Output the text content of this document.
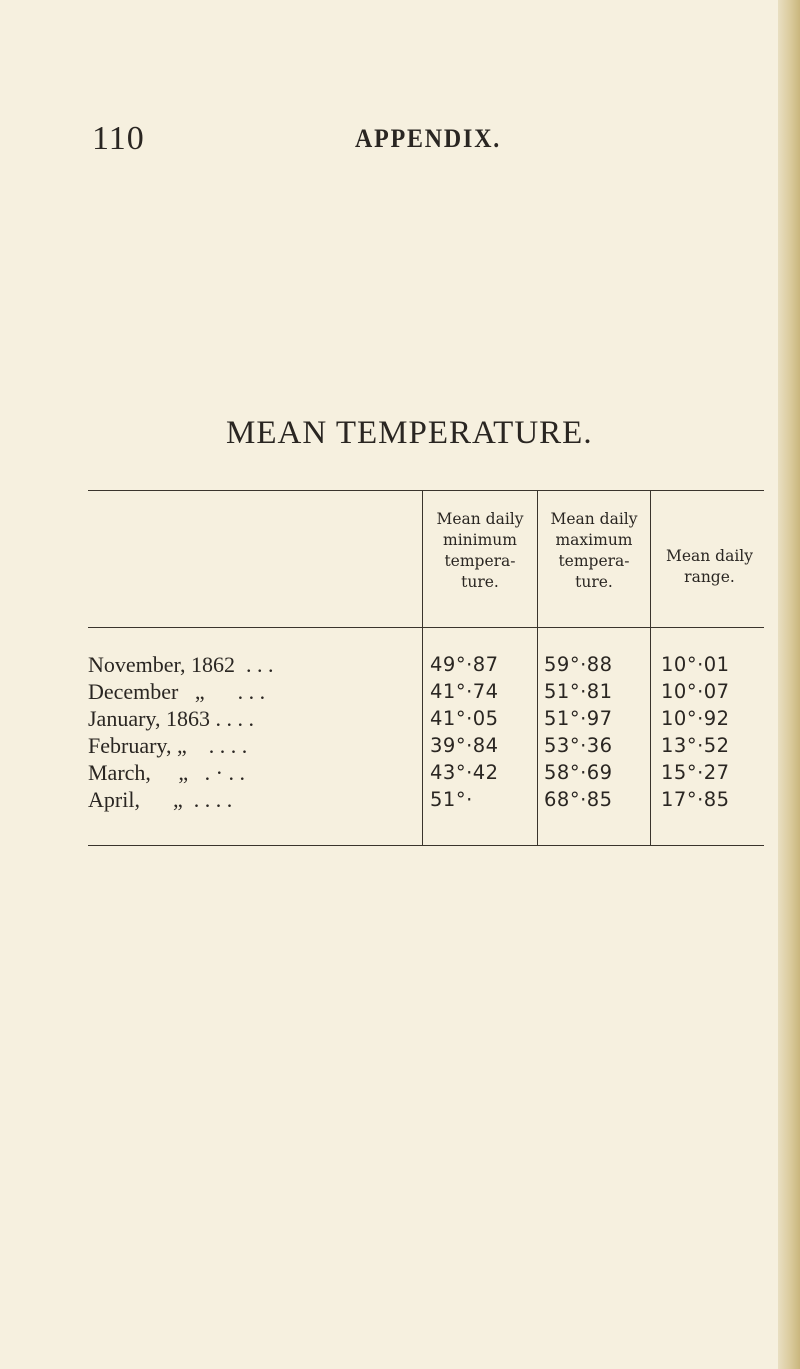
110	APPENDIX.
MEAN TEMPERATURE.
Mean daily
minimum
tempera-
ture.
Mean daily
maximum
tempera-
ture.
Mean daily
range.
November, 1862  . . .	49°·87 59°·88 10°·01
December   „      . . .	41°·74 51°·81 10°·07
January, 1863 . . . .	41°·05 51°·97 10°·92
February, „    . . . .	39°·84 53°·36 13°·52
March,     „   . · . .	43°·42 58°·69 15°·27
April,      „  . . . .	51°·	68°·85 17°·85
